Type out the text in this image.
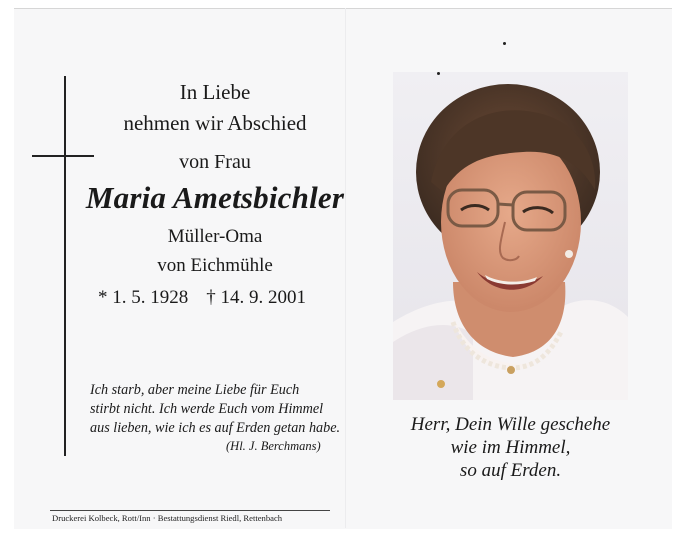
In Liebe
nehmen wir Abschied
von Frau
Maria Ametsbichler
Müller-Oma
von Eichmühle
* 1. 5. 1928 † 14. 9. 2001
Ich starb, aber meine Liebe für Euch
stirbt nicht. Ich werde Euch vom Himmel
aus lieben, wie ich es auf Erden getan habe.
(Hl. J. Berchmans)
Druckerei Kolbeck, Rott/Inn · Bestattungsdienst Riedl, Rettenbach
Herr, Dein Wille geschehe
wie im Himmel,
so auf Erden.
